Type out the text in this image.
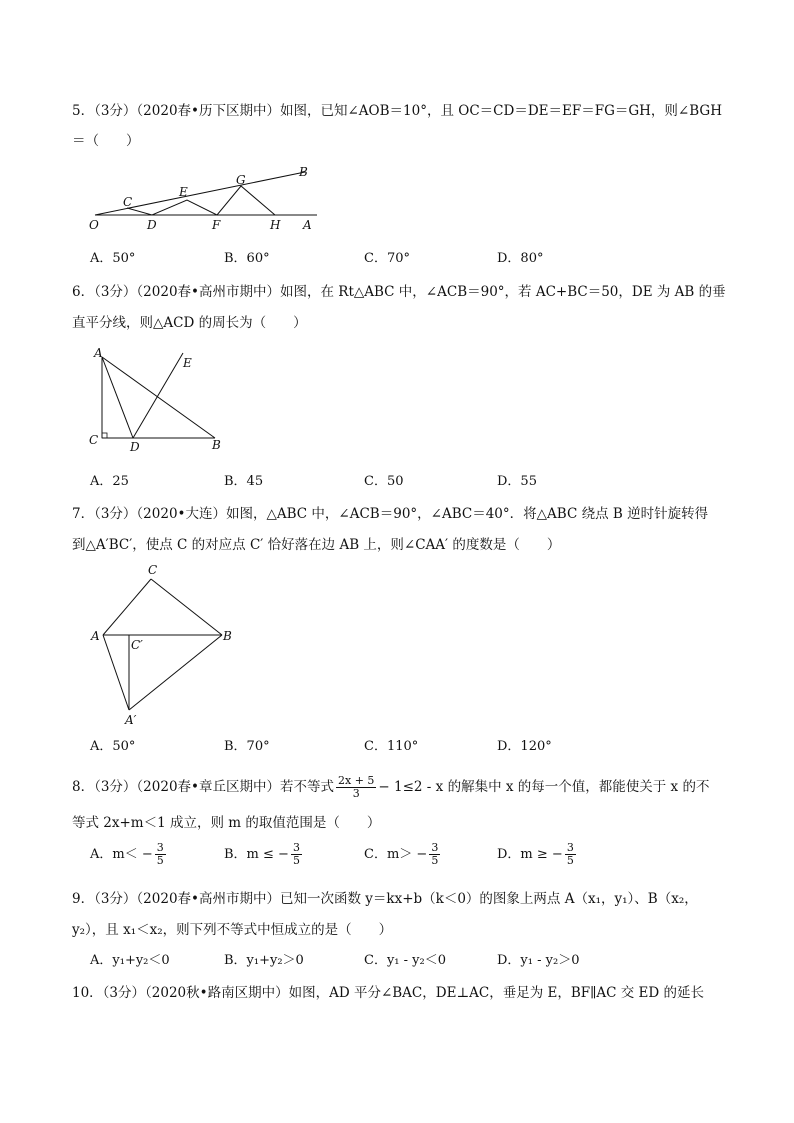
5．（3分）（2020春•历下区期中）如图，已知∠AOB＝10°，且 OC＝CD＝DE＝EF＝FG＝GH，则∠BGH
＝（　　）
O
C
D
E
F
G
H A
B
A．50°	B．60°	C．70°	D．80°
6．（3分）（2020春•高州市期中）如图，在 Rt△ABC 中，∠ACB＝90°，若 AC+BC＝50，DE 为 AB 的垂
直平分线，则△ACD 的周长为（　　）
A
E
C	D	B
A．25	B．45	C．50	D．55
7．（3分）（2020•大连）如图，△ABC 中，∠ACB＝90°，∠ABC＝40°．将△ABC 绕点 B 逆时针旋转得
到△A′BC′，使点 C 的对应点 C′ 恰好落在边 AB 上，则∠CAA′ 的度数是（　　）
C
A
C′
B
A′
A．50°	B．70°	C．110°	D．120°
8．（3分）（2020春•章丘区期中）若不等式 $\frac{2x + 5}{3} - 1\le 2 - x$ 的解集中 x 的每一个值，都能使关于 x 的不
等式 2x+m＜1 成立，则 m 的取值范围是（　　）
A．$m< - \frac{3}{5}$	B．m ≤ − $\frac{3}{5}$	C．$m> - \frac{3}{5}$	D．m ≥ − $\frac{3}{5}$
9．（3分）（2020春•高州市期中）已知一次函数 y＝kx+b（k＜0）的图象上两点 A（x₁，y₁）、B（x₂，
y₂），且 x₁＜x₂，则下列不等式中恒成立的是（　　）
A．y₁+y₂＜0	B．y₁+y₂＞0	C．y₁ - y₂＜0	D．y₁ - y₂＞0
10．（3分）（2020秋•路南区期中）如图，AD 平分∠BAC，DE⊥AC，垂足为 E，BF∥AC 交 ED 的延长
